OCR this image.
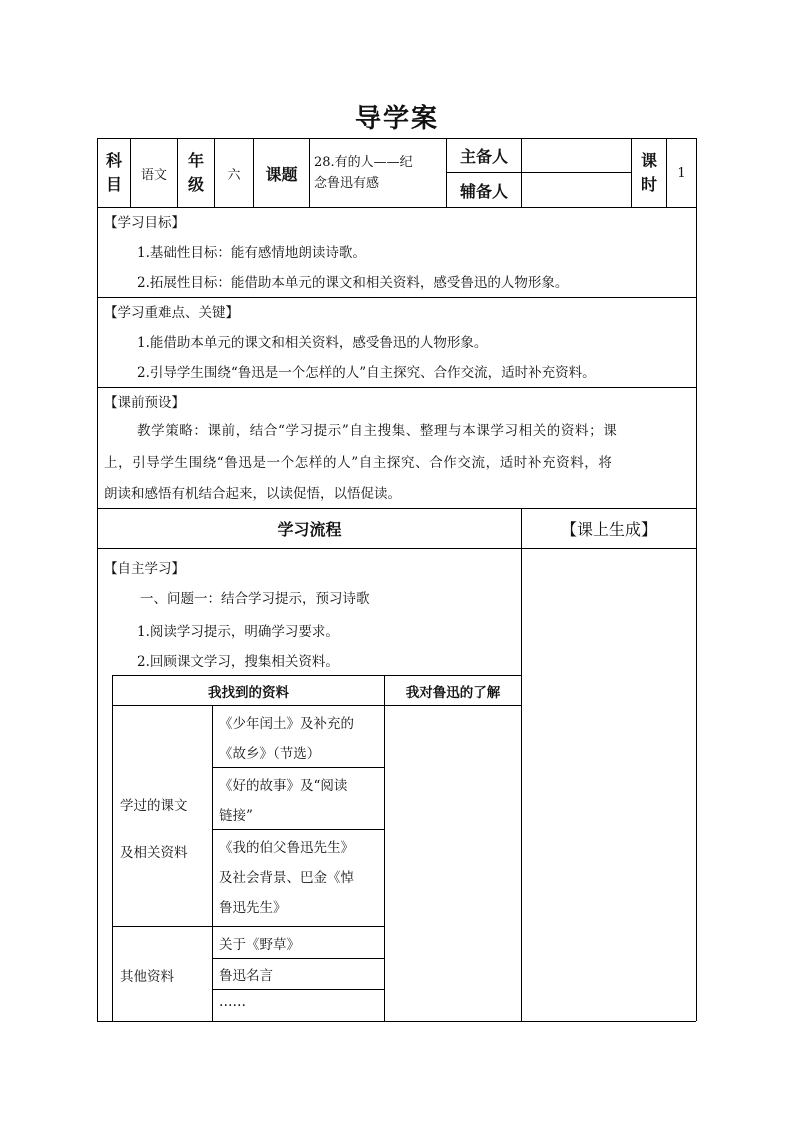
导学案
科
目 语文
年
级 六 课题
28.有的人——纪
念鲁迅有感
主备人
辅备人
课
时
1
【学习目标】
1.基础性目标：能有感情地朗读诗歌。
2.拓展性目标：能借助本单元的课文和相关资料，感受鲁迅的人物形象。
【学习重难点、关键】
1.能借助本单元的课文和相关资料，感受鲁迅的人物形象。
2.引导学生围绕“鲁迅是一个怎样的人”自主探究、合作交流，适时补充资料。
【课前预设】
教学策略：课前，结合“学习提示”自主搜集、整理与本课学习相关的资料；课
上，引导学生围绕“鲁迅是一个怎样的人”自主探究、合作交流，适时补充资料，将
朗读和感悟有机结合起来，以读促悟，以悟促读。
学习流程	【课上生成】
【自主学习】
一、问题一：结合学习提示，预习诗歌
1.阅读学习提示，明确学习要求。
2.回顾课文学习，搜集相关资料。
我找到的资料	我对鲁迅的了解
学过的课文
及相关资料
《少年闰土》及补充的
《故乡》（节选）
《好的故事》及“阅读
链接”
《我的伯父鲁迅先生》
及社会背景、巴金《悼
鲁迅先生》
其他资料
关于《野草》
鲁迅名言
……
